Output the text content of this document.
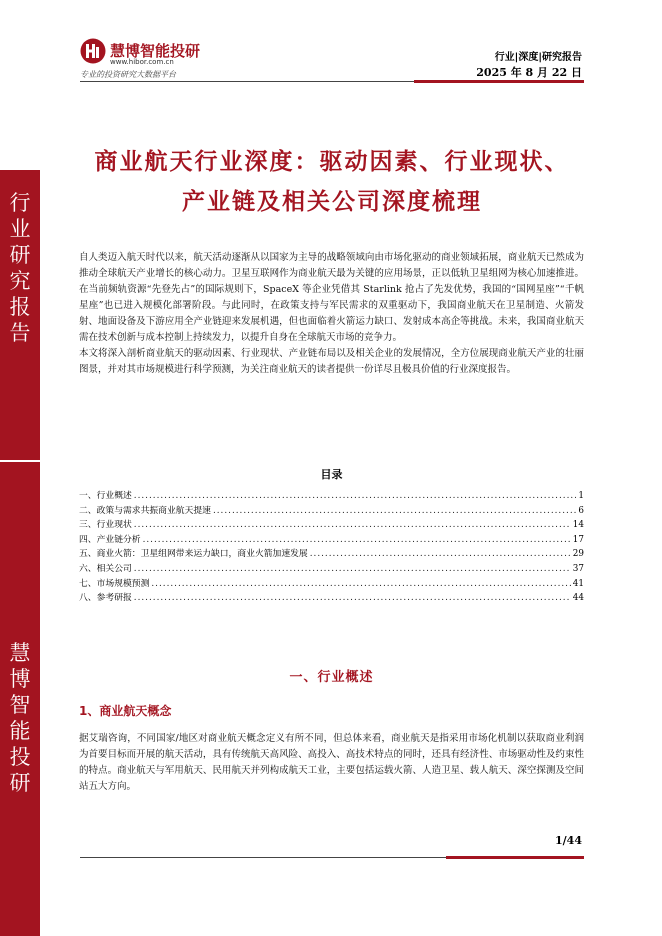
行
业
研
究
报
告
慧
博
智
能
投
研
慧博智能投研
www.hibor.com.cn
专业的投资研究大数据平台
行业|深度|研究报告
2025 年 8 月 22 日
商业航天行业深度：驱动因素、行业现状、
产业链及相关公司深度梳理
自人类迈入航天时代以来，航天活动逐渐从以国家为主导的战略领域向由市场化驱动的商业领域拓展，商业航天已然成为推动全球航天产业增长的核心动力。卫星互联网作为商业航天最为关键的应用场景，正以低轨卫星组网为核心加速推进。在当前频轨资源“先登先占”的国际规则下，SpaceX 等企业凭借其 Starlink 抢占了先发优势，我国的“国网星座”“千帆星座”也已进入规模化部署阶段。与此同时，在政策支持与军民需求的双重驱动下，我国商业航天在卫星制造、火箭发射、地面设备及下游应用全产业链迎来发展机遇，但也面临着火箭运力缺口、发射成本高企等挑战。未来，我国商业航天需在技术创新与成本控制上持续发力，以提升自身在全球航天市场的竞争力。
本文将深入剖析商业航天的驱动因素、行业现状、产业链布局以及相关企业的发展情况，全方位展现商业航天产业的壮丽图景，并对其市场规模进行科学预测，为关注商业航天的读者提供一份详尽且极具价值的行业深度报告。
目录
一、行业概述 .....	1
二、政策与需求共振商业航天提速 .....	6
三、行业现状 .....	14
四、产业链分析 .....	17
五、商业火箭：卫星组网带来运力缺口，商业火箭加速发展 .....	29
六、相关公司 .....	37
七、市场规模预测 .....	41
八、参考研报 .....	44
一、行业概述
1、商业航天概念
据艾瑞咨询，不同国家/地区对商业航天概念定义有所不同，但总体来看，商业航天是指采用市场化机制以获取商业利润为首要目标而开展的航天活动，具有传统航天高风险、高投入、高技术特点的同时，还具有经济性、市场驱动性及约束性的特点。商业航天与军用航天、民用航天并列构成航天工业，主要包括运载火箭、人造卫星、载人航天、深空探测及空间站五大方向。
1/44
